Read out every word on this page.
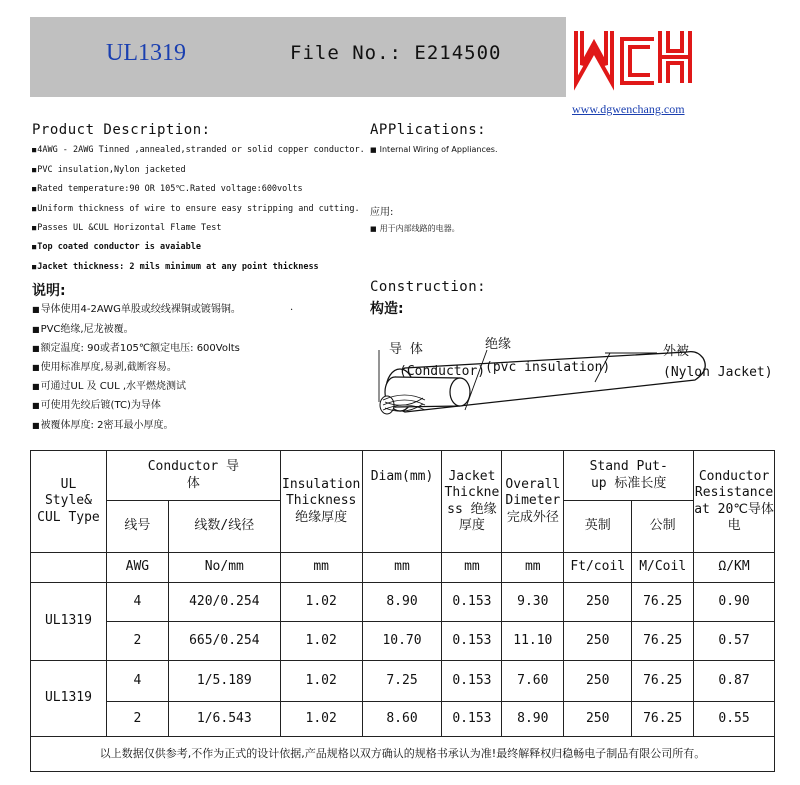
UL1319	File No.: E214500
www.dgwenchang.com
Product Description:
■ 4AWG - 2AWG Tinned ,annealed,stranded or solid copper conductor.
■ PVC insulation,Nylon jacketed
■ Rated temperature:90 OR 105℃.Rated voltage:600volts
■ Uniform thickness of wire to ensure easy stripping and cutting.
■ Passes UL &CUL Horizontal Flame Test
■ Top coated conductor is avaiable
■ Jacket thickness: 2 mils minimum at any point thickness
APPlications:
■ Internal Wiring of Appliances.
应用:
■ 用于内部线路的电器。
说明:
■ 导体使用4-2AWG单股或绞线裸铜或镀锡铜。	.
■ PVC绝缘,尼龙被覆。
■ 额定温度: 90或者105℃额定电压: 600Volts
■ 使用标准厚度,易剥,截断容易。
■ 可通过UL 及 CUL ,水平燃烧测试
■ 可使用先绞后镀(TC)为导体
■ 被覆体厚度: 2密耳最小厚度。
Construction:
构造:
导 体
(Conductor)
绝缘
(pvc insulation)
外被
(Nylon Jacket)
UL Style& CUL Type	Conductor 导体		Insulation Thickness 绝缘厚度	Diam(mm)	Jacket Thickness 绝缘厚度	Overall Dimeter 完成外径	Stand Put-up 标准长度		Conductor Resistance at 20℃导体电
	线号	线数/线径					英制	公制	
	AWG	No/mm	mm	mm	mm	mm	Ft/coil	M/Coil	Ω/KM
UL1319	4	420/0.254	1.02	8.90	0.153	9.30	250	76.25	0.90
	2	665/0.254	1.02	10.70	0.153	11.10	250	76.25	0.57
UL1319	4	1/5.189	1.02	7.25	0.153	7.60	250	76.25	0.87
	2	1/6.543	1.02	8.60	0.153	8.90	250	76.25	0.55
以上数据仅供参考,不作为正式的设计依据,产品规格以双方确认的规格书承认为准!最终解释权归稳畅电子制品有限公司所有。									
